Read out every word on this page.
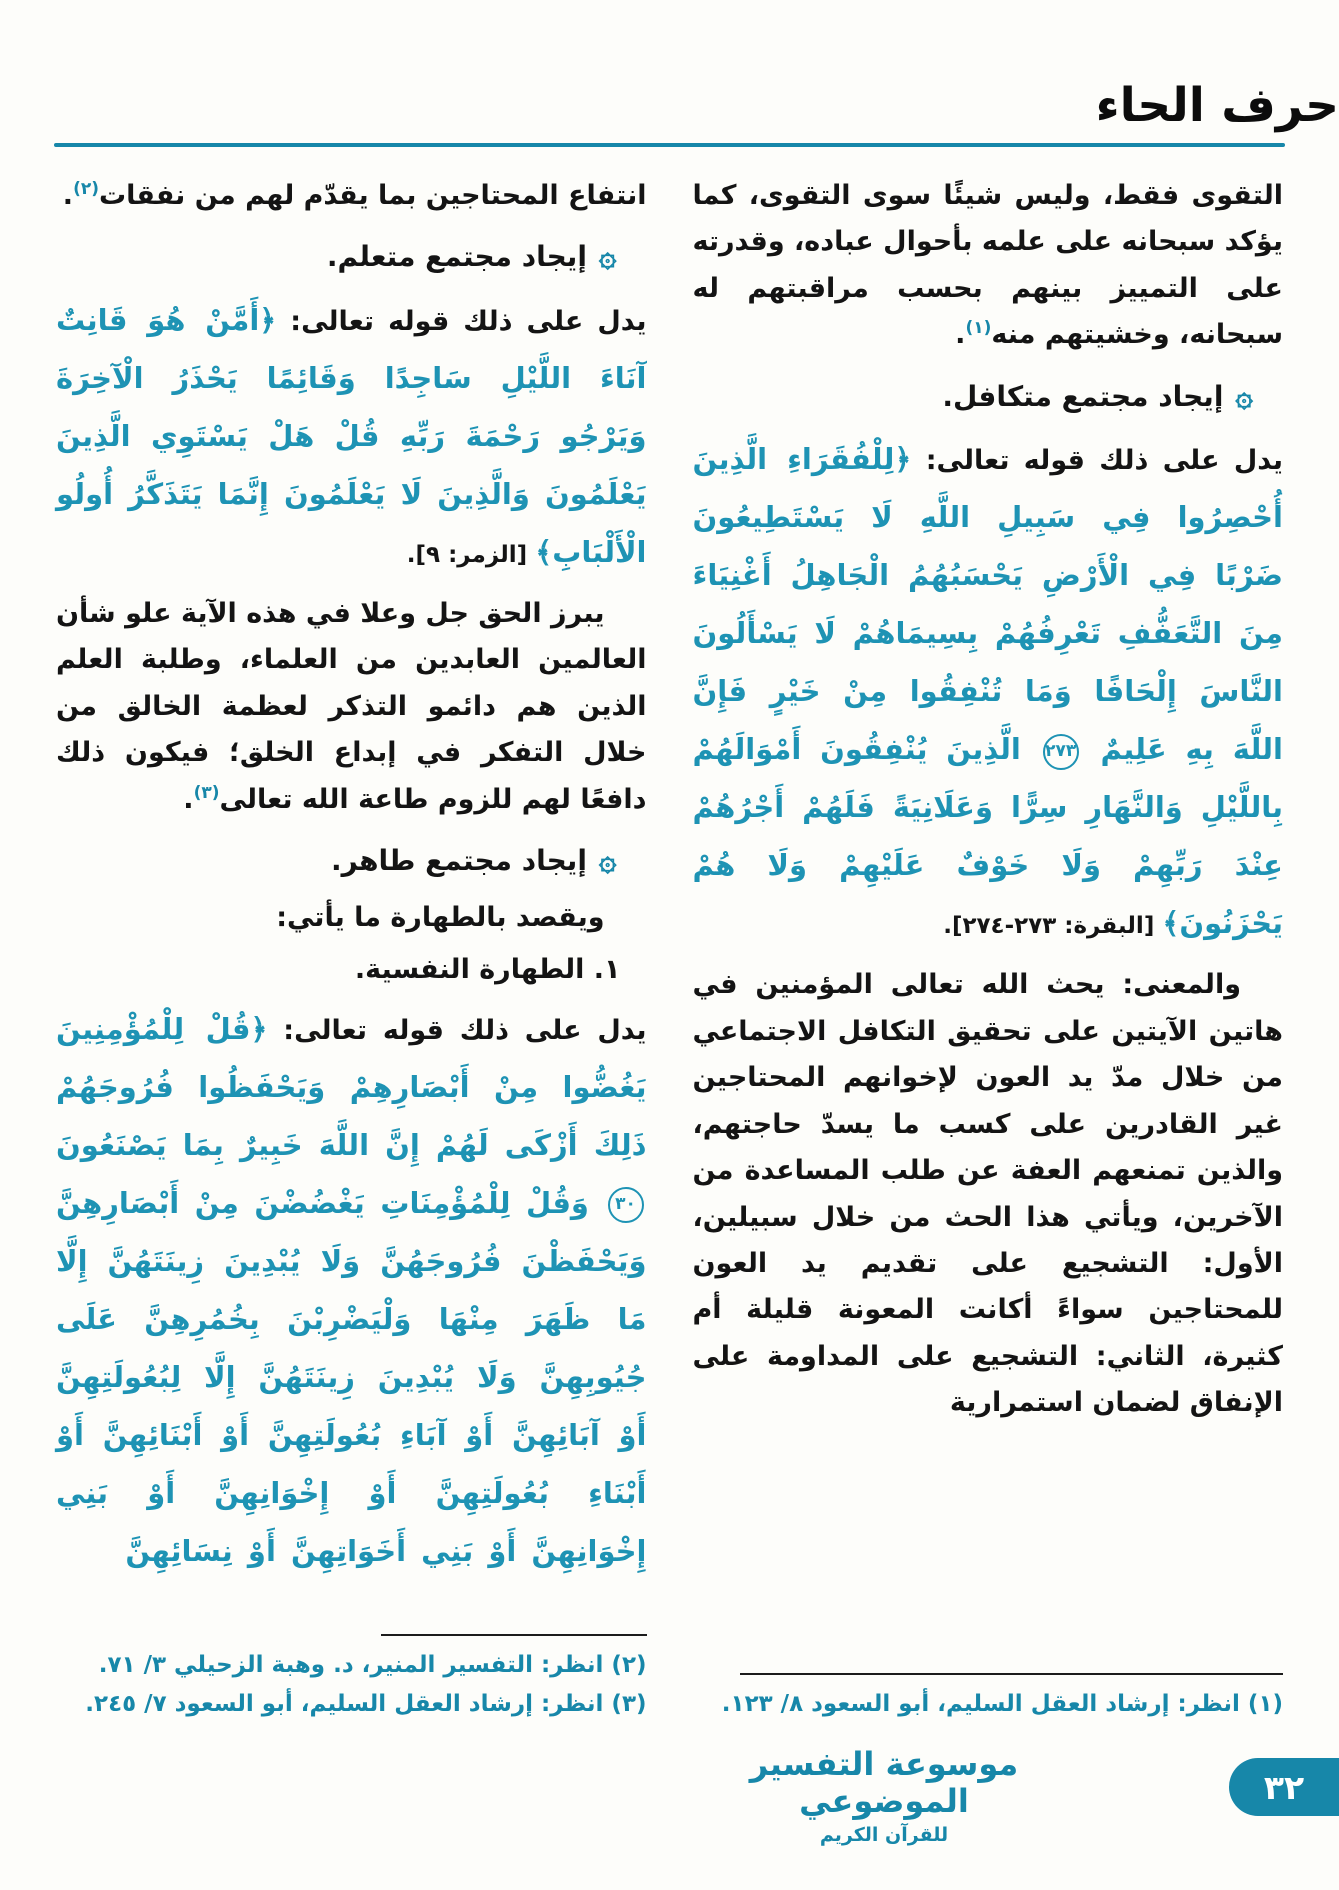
حرف الحاء

التقوى فقط، وليس شيئًا سوى التقوى، كما يؤكد سبحانه على علمه بأحوال عباده، وقدرته على التمييز بينهم بحسب مراقبتهم له سبحانه، وخشيتهم منه$^{(١)}$.

۞إيجاد مجتمع متكافل.

يدل على ذلك قوله تعالى: ﴿لِلْفُقَرَاءِ الَّذِينَ أُحْصِرُوا فِي سَبِيلِ اللَّهِ لَا يَسْتَطِيعُونَ ضَرْبًا فِي الْأَرْضِ يَحْسَبُهُمُ الْجَاهِلُ أَغْنِيَاءَ مِنَ التَّعَفُّفِ تَعْرِفُهُمْ بِسِيمَاهُمْ لَا يَسْأَلُونَ النَّاسَ إِلْحَافًا وَمَا تُنْفِقُوا مِنْ خَيْرٍ فَإِنَّ اللَّهَ بِهِ عَلِيمٌ ٢٧٣ الَّذِينَ يُنْفِقُونَ أَمْوَالَهُمْ بِاللَّيْلِ وَالنَّهَارِ سِرًّا وَعَلَانِيَةً فَلَهُمْ أَجْرُهُمْ عِنْدَ رَبِّهِمْ وَلَا خَوْفٌ عَلَيْهِمْ وَلَا هُمْ يَحْزَنُونَ﴾ [البقرة: ٢٧٣-٢٧٤].

والمعنى: يحث الله تعالى المؤمنين في هاتين الآيتين على تحقيق التكافل الاجتماعي من خلال مدّ يد العون لإخوانهم المحتاجين غير القادرين على كسب ما يسدّ حاجتهم، والذين تمنعهم العفة عن طلب المساعدة من الآخرين، ويأتي هذا الحث من خلال سبيلين، الأول: التشجيع على تقديم يد العون للمحتاجين سواءً أكانت المعونة قليلة أم كثيرة، الثاني: التشجيع على المداومة على الإنفاق لضمان استمرارية

(١) انظر: إرشاد العقل السليم، أبو السعود ٨/ ١٢٣.

انتفاع المحتاجين بما يقدّم لهم من نفقات$^{(٢)}$.

۞إيجاد مجتمع متعلم.

يدل على ذلك قوله تعالى: ﴿أَمَّنْ هُوَ قَانِتٌ آنَاءَ اللَّيْلِ سَاجِدًا وَقَائِمًا يَحْذَرُ الْآخِرَةَ وَيَرْجُو رَحْمَةَ رَبِّهِ قُلْ هَلْ يَسْتَوِي الَّذِينَ يَعْلَمُونَ وَالَّذِينَ لَا يَعْلَمُونَ إِنَّمَا يَتَذَكَّرُ أُولُو الْأَلْبَابِ﴾ [الزمر: ٩].

يبرز الحق جل وعلا في هذه الآية علو شأن العالمين العابدين من العلماء، وطلبة العلم الذين هم دائمو التذكر لعظمة الخالق من خلال التفكر في إبداع الخلق؛ فيكون ذلك دافعًا لهم للزوم طاعة الله تعالى$^{(٣)}$.

۞إيجاد مجتمع طاهر.

ويقصد بالطهارة ما يأتي:

١. الطهارة النفسية.

يدل على ذلك قوله تعالى: ﴿قُلْ لِلْمُؤْمِنِينَ يَغُضُّوا مِنْ أَبْصَارِهِمْ وَيَحْفَظُوا فُرُوجَهُمْ ذَلِكَ أَزْكَى لَهُمْ إِنَّ اللَّهَ خَبِيرٌ بِمَا يَصْنَعُونَ ٣٠ وَقُلْ لِلْمُؤْمِنَاتِ يَغْضُضْنَ مِنْ أَبْصَارِهِنَّ وَيَحْفَظْنَ فُرُوجَهُنَّ وَلَا يُبْدِينَ زِينَتَهُنَّ إِلَّا مَا ظَهَرَ مِنْهَا وَلْيَضْرِبْنَ بِخُمُرِهِنَّ عَلَى جُيُوبِهِنَّ وَلَا يُبْدِينَ زِينَتَهُنَّ إِلَّا لِبُعُولَتِهِنَّ أَوْ آبَائِهِنَّ أَوْ آبَاءِ بُعُولَتِهِنَّ أَوْ أَبْنَائِهِنَّ أَوْ أَبْنَاءِ بُعُولَتِهِنَّ أَوْ إِخْوَانِهِنَّ أَوْ بَنِي إِخْوَانِهِنَّ أَوْ بَنِي أَخَوَاتِهِنَّ أَوْ نِسَائِهِنَّ

(٢) انظر: التفسير المنير، د. وهبة الزحيلي ٣/ ٧١.
(٣) انظر: إرشاد العقل السليم، أبو السعود ٧/ ٢٤٥.
موسوعة التفسير الموضوعي
للقرآن الكريم
٣٢
